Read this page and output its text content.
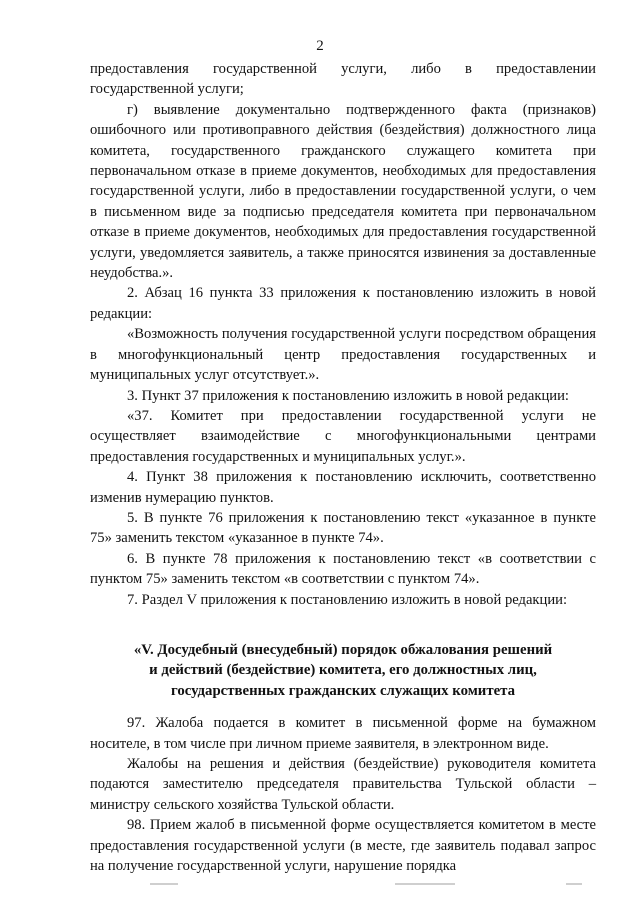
2

предоставления государственной услуги, либо в предоставлении государственной услуги;

г) выявление документально подтвержденного факта (признаков) ошибочного или противоправного действия (бездействия) должностного лица комитета, государственного гражданского служащего комитета при первоначальном отказе в приеме документов, необходимых для предоставления государственной услуги, либо в предоставлении государственной услуги, о чем в письменном виде за подписью председателя комитета при первоначальном отказе в приеме документов, необходимых для предоставления государственной услуги, уведомляется заявитель, а также приносятся извинения за доставленные неудобства.».

2. Абзац 16 пункта 33 приложения к постановлению изложить в новой редакции:

«Возможность получения государственной услуги посредством обращения в многофункциональный центр предоставления государственных и муниципальных услуг отсутствует.».

3. Пункт 37 приложения к постановлению изложить в новой редакции:

«37. Комитет при предоставлении государственной услуги не осуществляет взаимодействие с многофункциональными центрами предоставления государственных и муниципальных услуг.».

4. Пункт 38 приложения к постановлению исключить, соответственно изменив нумерацию пунктов.

5. В пункте 76 приложения к постановлению текст «указанное в пункте 75» заменить текстом «указанное в пункте 74».

6. В пункте 78 приложения к постановлению текст «в соответствии с пунктом 75» заменить текстом «в соответствии с пунктом 74».

7. Раздел V приложения к постановлению изложить в новой редакции:

«V. Досудебный (внесудебный) порядок обжалования решений
и действий (бездействие) комитета, его должностных лиц,
государственных гражданских служащих комитета

97. Жалоба подается в комитет в письменной форме на бумажном носителе, в том числе при личном приеме заявителя, в электронном виде.

Жалобы на решения и действия (бездействие) руководителя комитета подаются заместителю председателя правительства Тульской области – министру сельского хозяйства Тульской области.

98. Прием жалоб в письменной форме осуществляется комитетом в месте предоставления государственной услуги (в месте, где заявитель подавал запрос на получение государственной услуги, нарушение порядка
